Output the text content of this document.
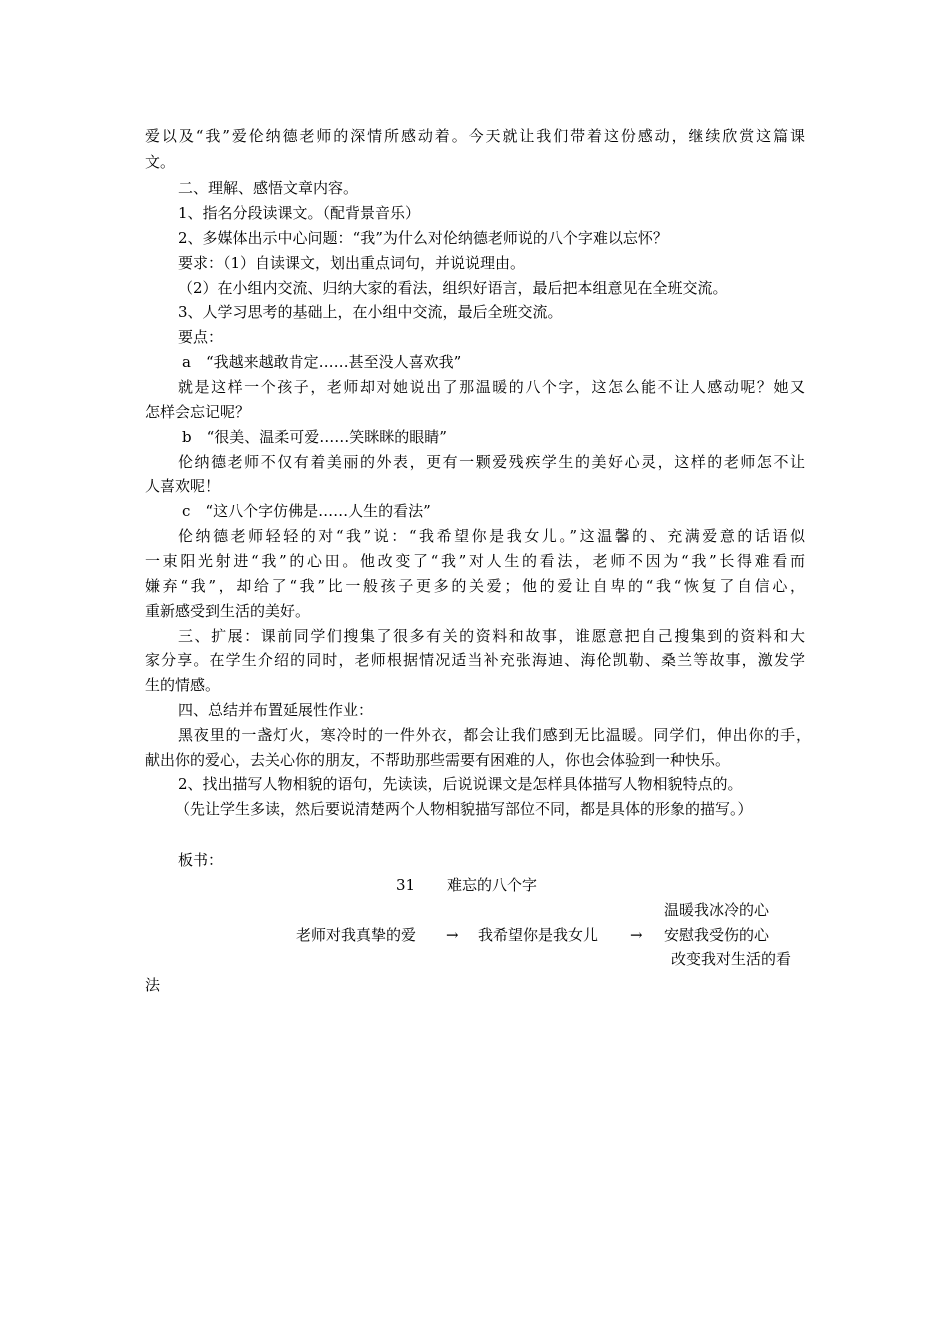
爱以及“我”爱伦纳德老师的深情所感动着。今天就让我们带着这份感动，继续欣赏这篇课

文。

二、理解、感悟文章内容。

1、指名分段读课文。（配背景音乐）

2、多媒体出示中心问题：“我”为什么对伦纳德老师说的八个字难以忘怀？

要求：（1）自读课文，划出重点词句，并说说理由。

（2）在小组内交流、归纳大家的看法，组织好语言，最后把本组意见在全班交流。

3、人学习思考的基础上，在小组中交流，最后全班交流。

要点：

a　“我越来越敢肯定……甚至没人喜欢我”

就是这样一个孩子，老师却对她说出了那温暖的八个字，这怎么能不让人感动呢？她又

怎样会忘记呢？

b　“很美、温柔可爱……笑眯眯的眼睛”

伦纳德老师不仅有着美丽的外表，更有一颗爱残疾学生的美好心灵，这样的老师怎不让

人喜欢呢！

c　“这八个字仿佛是……人生的看法”

伦纳德老师轻轻的对“我”说：“我希望你是我女儿。”这温馨的、充满爱意的话语似

一束阳光射进“我”的心田。他改变了“我”对人生的看法，老师不因为“我”长得难看而

嫌弃“我”，却给了“我”比一般孩子更多的关爱；他的爱让自卑的“我“恢复了自信心，

重新感受到生活的美好。

三、扩展：课前同学们搜集了很多有关的资料和故事，谁愿意把自己搜集到的资料和大

家分享。在学生介绍的同时，老师根据情况适当补充张海迪、海伦凯勒、桑兰等故事，激发学

生的情感。

四、总结并布置延展性作业：

黑夜里的一盏灯火，寒冷时的一件外衣，都会让我们感到无比温暖。同学们，伸出你的手，

献出你的爱心，去关心你的朋友，不帮助那些需要有困难的人，你也会体验到一种快乐。

2、找出描写人物相貌的语句，先读读，后说说课文是怎样具体描写人物相貌特点的。

（先让学生多读，然后要说清楚两个人物相貌描写部位不同，都是具体的形象的描写。）

板书：
31 难忘的八个字
温暖我冰冷的心
老师对我真挚的爱 → 我希望你是我女儿 → 安慰我受伤的心
改变我对生活的看
法
